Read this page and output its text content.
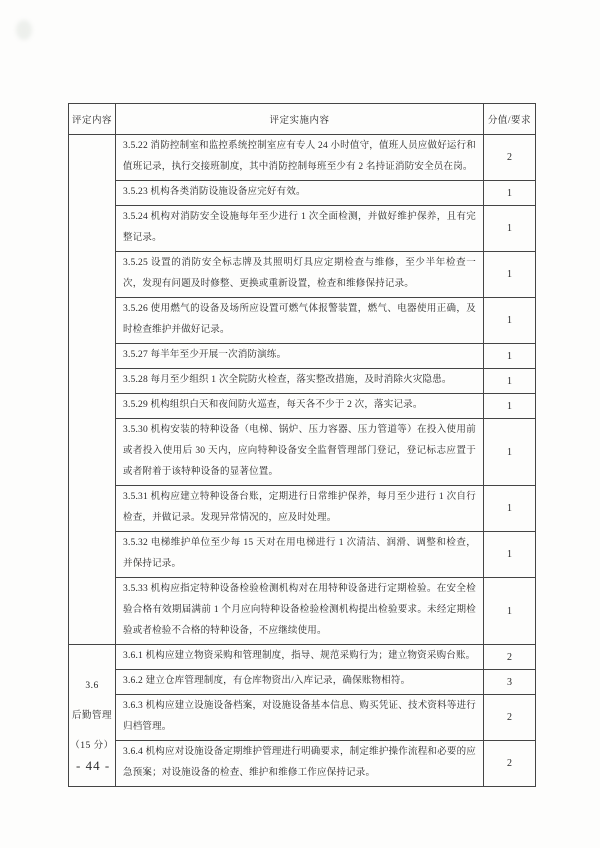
评定内容	评定实施内容	分值/要求
	3.5.22 消防控制室和监控系统控制室应有专人 24 小时值守，值班人员应做好运行和值班记录，执行交接班制度，其中消防控制每班至少有 2 名持证消防安全员在岗。	2
	3.5.23 机构各类消防设施设备应完好有效。	1
	3.5.24 机构对消防安全设施每年至少进行 1 次全面检测，并做好维护保养，且有完整记录。	1
	3.5.25 设置的消防安全标志牌及其照明灯具应定期检查与维修，至少半年检查一次，发现有问题及时修整、更换或重新设置，检查和维修保持记录。	1
	3.5.26 使用燃气的设备及场所应设置可燃气体报警装置，燃气、电器使用正确，及时检查维护并做好记录。	1
	3.5.27 每半年至少开展一次消防演练。	1
	3.5.28 每月至少组织 1 次全院防火检查，落实整改措施，及时消除火灾隐患。	1
	3.5.29 机构组织白天和夜间防火巡查，每天各不少于 2 次，落实记录。	1
	3.5.30 机构安装的特种设备（电梯、锅炉、压力容器、压力管道等）在投入使用前或者投入使用后 30 天内，应向特种设备安全监督管理部门登记，登记标志应置于或者附着于该特种设备的显著位置。	1
	3.5.31 机构应建立特种设备台账，定期进行日常维护保养，每月至少进行 1 次自行检查，并做记录。发现异常情况的，应及时处理。	1
	3.5.32 电梯维护单位至少每 15 天对在用电梯进行 1 次清洁、润滑、调整和检查，并保持记录。	1
	3.5.33 机构应指定特种设备检验检测机构对在用特种设备进行定期检验。在安全检验合格有效期届满前 1 个月应向特种设备检验检测机构提出检验要求。未经定期检验或者检验不合格的特种设备，不应继续使用。	1

3.6
后勤管理
（15 分）	3.6.1 机构应建立物资采购和管理制度，指导、规范采购行为；建立物资采购台账。	2
	3.6.2 建立仓库管理制度，有仓库物资出/入库记录，确保账物相符。	3
	3.6.3 机构应建立设施设备档案，对设施设备基本信息、购买凭证、技术资料等进行归档管理。	2
	3.6.4 机构应对设施设备定期维护管理进行明确要求，制定维护操作流程和必要的应急预案；对设施设备的检查、维护和维修工作应保持记录。	2
- 44 -
